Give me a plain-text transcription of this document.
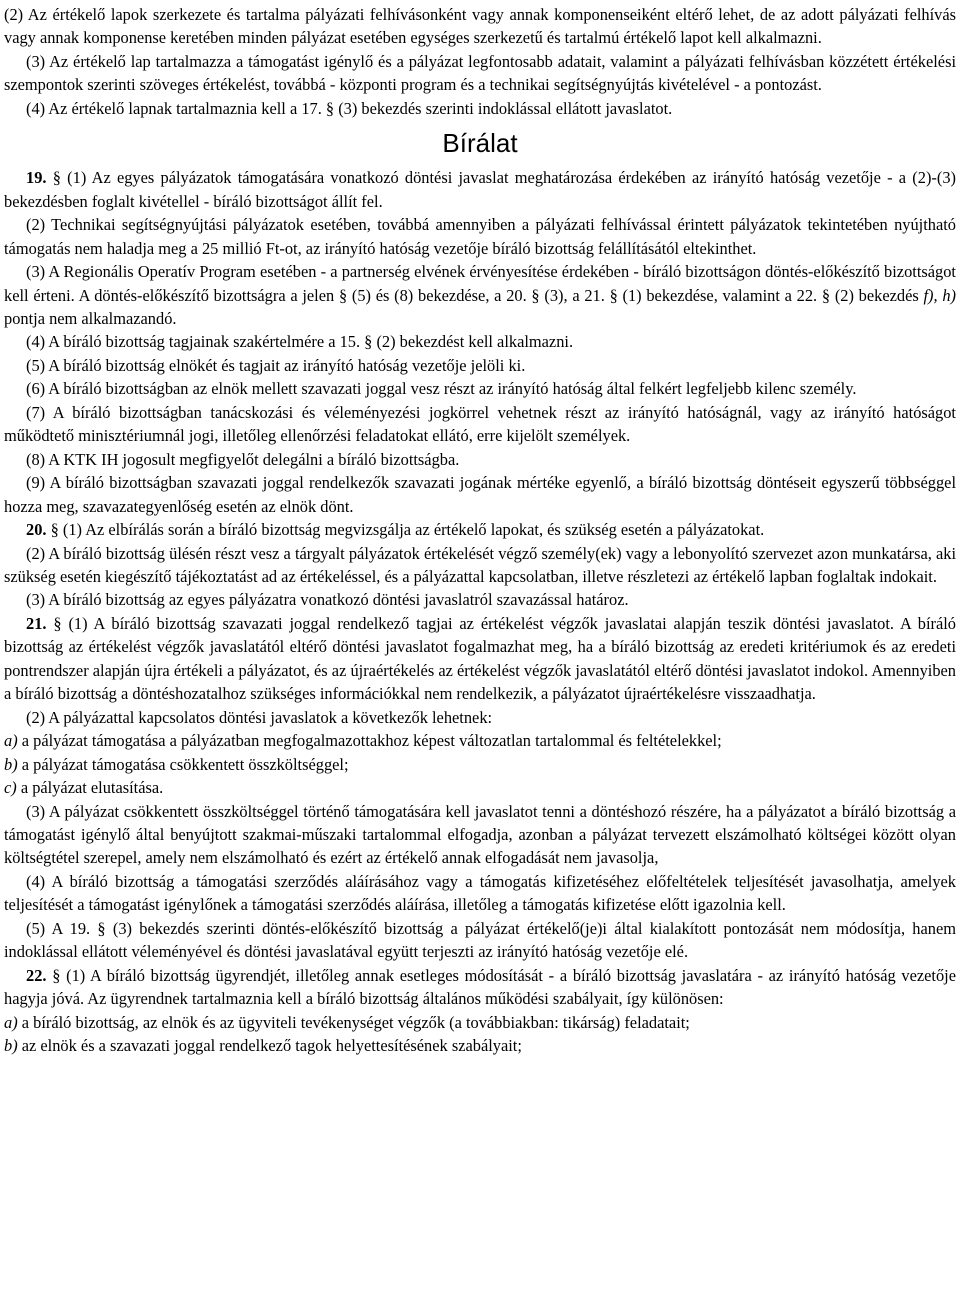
(2) Az értékelő lapok szerkezete és tartalma pályázati felhívásonként vagy annak komponenseiként eltérő lehet, de az adott pályázati felhívás vagy annak komponense keretében minden pályázat esetében egységes szerkezetű és tartalmú értékelő lapot kell alkalmazni.

(3) Az értékelő lap tartalmazza a támogatást igénylő és a pályázat legfontosabb adatait, valamint a pályázati felhívásban közzétett értékelési szempontok szerinti szöveges értékelést, továbbá - központi program és a technikai segítségnyújtás kivételével - a pontozást.

(4) Az értékelő lapnak tartalmaznia kell a 17. § (3) bekezdés szerinti indoklással ellátott javaslatot.

Bírálat

19. § (1) Az egyes pályázatok támogatására vonatkozó döntési javaslat meghatározása érdekében az irányító hatóság vezetője - a (2)-(3) bekezdésben foglalt kivétellel - bíráló bizottságot állít fel.

(2) Technikai segítségnyújtási pályázatok esetében, továbbá amennyiben a pályázati felhívással érintett pályázatok tekintetében nyújtható támogatás nem haladja meg a 25 millió Ft-ot, az irányító hatóság vezetője bíráló bizottság felállításától eltekinthet.

(3) A Regionális Operatív Program esetében - a partnerség elvének érvényesítése érdekében - bíráló bizottságon döntés-előkészítő bizottságot kell érteni. A döntés-előkészítő bizottságra a jelen § (5) és (8) bekezdése, a 20. § (3), a 21. § (1) bekezdése, valamint a 22. § (2) bekezdés f), h) pontja nem alkalmazandó.

(4) A bíráló bizottság tagjainak szakértelmére a 15. § (2) bekezdést kell alkalmazni.

(5) A bíráló bizottság elnökét és tagjait az irányító hatóság vezetője jelöli ki.

(6) A bíráló bizottságban az elnök mellett szavazati joggal vesz részt az irányító hatóság által felkért legfeljebb kilenc személy.

(7) A bíráló bizottságban tanácskozási és véleményezési jogkörrel vehetnek részt az irányító hatóságnál, vagy az irányító hatóságot működtető minisztériumnál jogi, illetőleg ellenőrzési feladatokat ellátó, erre kijelölt személyek.

(8) A KTK IH jogosult megfigyelőt delegálni a bíráló bizottságba.

(9) A bíráló bizottságban szavazati joggal rendelkezők szavazati jogának mértéke egyenlő, a bíráló bizottság döntéseit egyszerű többséggel hozza meg, szavazategyenlőség esetén az elnök dönt.

20. § (1) Az elbírálás során a bíráló bizottság megvizsgálja az értékelő lapokat, és szükség esetén a pályázatokat.

(2) A bíráló bizottság ülésén részt vesz a tárgyalt pályázatok értékelését végző személy(ek) vagy a lebonyolító szervezet azon munkatársa, aki szükség esetén kiegészítő tájékoztatást ad az értékeléssel, és a pályázattal kapcsolatban, illetve részletezi az értékelő lapban foglaltak indokait.

(3) A bíráló bizottság az egyes pályázatra vonatkozó döntési javaslatról szavazással határoz.

21. § (1) A bíráló bizottság szavazati joggal rendelkező tagjai az értékelést végzők javaslatai alapján teszik döntési javaslatot. A bíráló bizottság az értékelést végzők javaslatától eltérő döntési javaslatot fogalmazhat meg, ha a bíráló bizottság az eredeti kritériumok és az eredeti pontrendszer alapján újra értékeli a pályázatot, és az újraértékelés az értékelést végzők javaslatától eltérő döntési javaslatot indokol. Amennyiben a bíráló bizottság a döntéshozatalhoz szükséges információkkal nem rendelkezik, a pályázatot újraértékelésre visszaadhatja.

(2) A pályázattal kapcsolatos döntési javaslatok a következők lehetnek:

a) a pályázat támogatása a pályázatban megfogalmazottakhoz képest változatlan tartalommal és feltételekkel;

b) a pályázat támogatása csökkentett összköltséggel;

c) a pályázat elutasítása.

(3) A pályázat csökkentett összköltséggel történő támogatására kell javaslatot tenni a döntéshozó részére, ha a pályázatot a bíráló bizottság a támogatást igénylő által benyújtott szakmai-műszaki tartalommal elfogadja, azonban a pályázat tervezett elszámolható költségei között olyan költségtétel szerepel, amely nem elszámolható és ezért az értékelő annak elfogadását nem javasolja,

(4) A bíráló bizottság a támogatási szerződés aláírásához vagy a támogatás kifizetéséhez előfeltételek teljesítését javasolhatja, amelyek teljesítését a támogatást igénylőnek a támogatási szerződés aláírása, illetőleg a támogatás kifizetése előtt igazolnia kell.

(5) A 19. § (3) bekezdés szerinti döntés-előkészítő bizottság a pályázat értékelő(je)i által kialakított pontozását nem módosítja, hanem indoklással ellátott véleményével és döntési javaslatával együtt terjeszti az irányító hatóság vezetője elé.

22. § (1) A bíráló bizottság ügyrendjét, illetőleg annak esetleges módosítását - a bíráló bizottság javaslatára - az irányító hatóság vezetője hagyja jóvá. Az ügyrendnek tartalmaznia kell a bíráló bizottság általános működési szabályait, így különösen:

a) a bíráló bizottság, az elnök és az ügyviteli tevékenységet végzők (a továbbiakban: tikárság) feladatait;

b) az elnök és a szavazati joggal rendelkező tagok helyettesítésének szabályait;
